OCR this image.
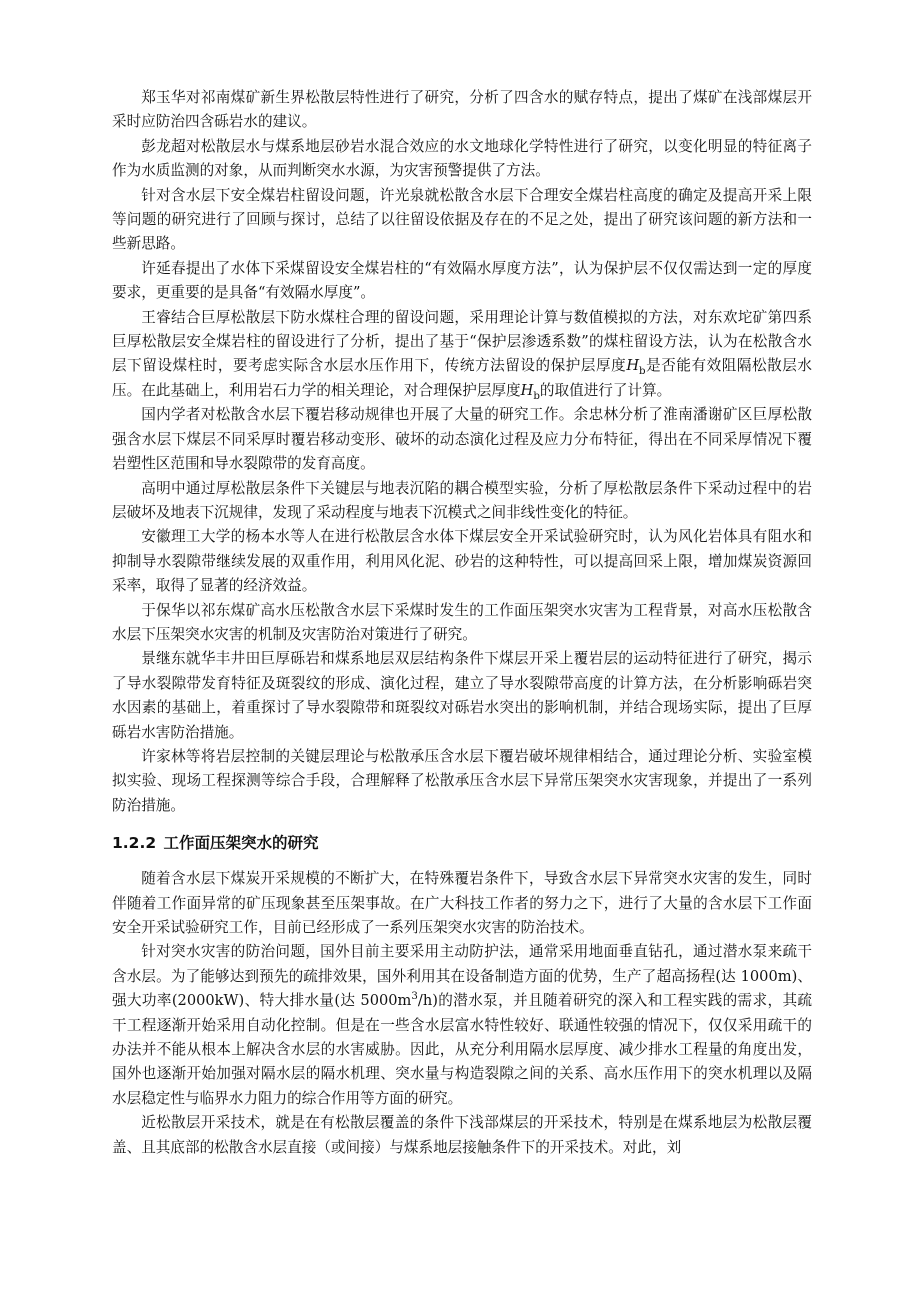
郑玉华对祁南煤矿新生界松散层特性进行了研究，分析了四含水的赋存特点，提出了煤矿在浅部煤层开采时应防治四含砾岩水的建议。

彭龙超对松散层水与煤系地层砂岩水混合效应的水文地球化学特性进行了研究，以变化明显的特征离子作为水质监测的对象，从而判断突水水源，为灾害预警提供了方法。

针对含水层下安全煤岩柱留设问题，许光泉就松散含水层下合理安全煤岩柱高度的确定及提高开采上限等问题的研究进行了回顾与探讨，总结了以往留设依据及存在的不足之处，提出了研究该问题的新方法和一些新思路。

许延春提出了水体下采煤留设安全煤岩柱的“有效隔水厚度方法”，认为保护层不仅仅需达到一定的厚度要求，更重要的是具备“有效隔水厚度”。

王睿结合巨厚松散层下防水煤柱合理的留设问题，采用理论计算与数值模拟的方法，对东欢坨矿第四系巨厚松散层安全煤岩柱的留设进行了分析，提出了基于“保护层渗透系数”的煤柱留设方法，认为在松散含水层下留设煤柱时，要考虑实际含水层水压作用下，传统方法留设的保护层厚度$H_b$是否能有效阻隔松散层水压。在此基础上，利用岩石力学的相关理论，对合理保护层厚度$H_b$的取值进行了计算。

国内学者对松散含水层下覆岩移动规律也开展了大量的研究工作。余忠林分析了淮南潘谢矿区巨厚松散强含水层下煤层不同采厚时覆岩移动变形、破坏的动态演化过程及应力分布特征，得出在不同采厚情况下覆岩塑性区范围和导水裂隙带的发育高度。

高明中通过厚松散层条件下关键层与地表沉陷的耦合模型实验，分析了厚松散层条件下采动过程中的岩层破坏及地表下沉规律，发现了采动程度与地表下沉模式之间非线性变化的特征。

安徽理工大学的杨本水等人在进行松散层含水体下煤层安全开采试验研究时，认为风化岩体具有阻水和抑制导水裂隙带继续发展的双重作用，利用风化泥、砂岩的这种特性，可以提高回采上限，增加煤炭资源回采率，取得了显著的经济效益。

于保华以祁东煤矿高水压松散含水层下采煤时发生的工作面压架突水灾害为工程背景，对高水压松散含水层下压架突水灾害的机制及灾害防治对策进行了研究。

景继东就华丰井田巨厚砾岩和煤系地层双层结构条件下煤层开采上覆岩层的运动特征进行了研究，揭示了导水裂隙带发育特征及斑裂纹的形成、演化过程，建立了导水裂隙带高度的计算方法，在分析影响砾岩突水因素的基础上，着重探讨了导水裂隙带和斑裂纹对砾岩水突出的影响机制，并结合现场实际，提出了巨厚砾岩水害防治措施。

许家林等将岩层控制的关键层理论与松散承压含水层下覆岩破坏规律相结合，通过理论分析、实验室模拟实验、现场工程探测等综合手段，合理解释了松散承压含水层下异常压架突水灾害现象，并提出了一系列防治措施。

1.2.2 工作面压架突水的研究

随着含水层下煤炭开采规模的不断扩大，在特殊覆岩条件下，导致含水层下异常突水灾害的发生，同时伴随着工作面异常的矿压现象甚至压架事故。在广大科技工作者的努力之下，进行了大量的含水层下工作面安全开采试验研究工作，目前已经形成了一系列压架突水灾害的防治技术。

针对突水灾害的防治问题，国外目前主要采用主动防护法，通常采用地面垂直钻孔，通过潜水泵来疏干含水层。为了能够达到预先的疏排效果，国外利用其在设备制造方面的优势，生产了超高扬程(达 1000m)、强大功率(2000kW)、特大排水量(达 $5000m^3/h$)的潜水泵，并且随着研究的深入和工程实践的需求，其疏干工程逐渐开始采用自动化控制。但是在一些含水层富水特性较好、联通性较强的情况下，仅仅采用疏干的办法并不能从根本上解决含水层的水害威胁。因此，从充分利用隔水层厚度、减少排水工程量的角度出发，国外也逐渐开始加强对隔水层的隔水机理、突水量与构造裂隙之间的关系、高水压作用下的突水机理以及隔水层稳定性与临界水力阻力的综合作用等方面的研究。

近松散层开采技术，就是在有松散层覆盖的条件下浅部煤层的开采技术，特别是在煤系地层为松散层覆盖、且其底部的松散含水层直接（或间接）与煤系地层接触条件下的开采技术。对此，刘
